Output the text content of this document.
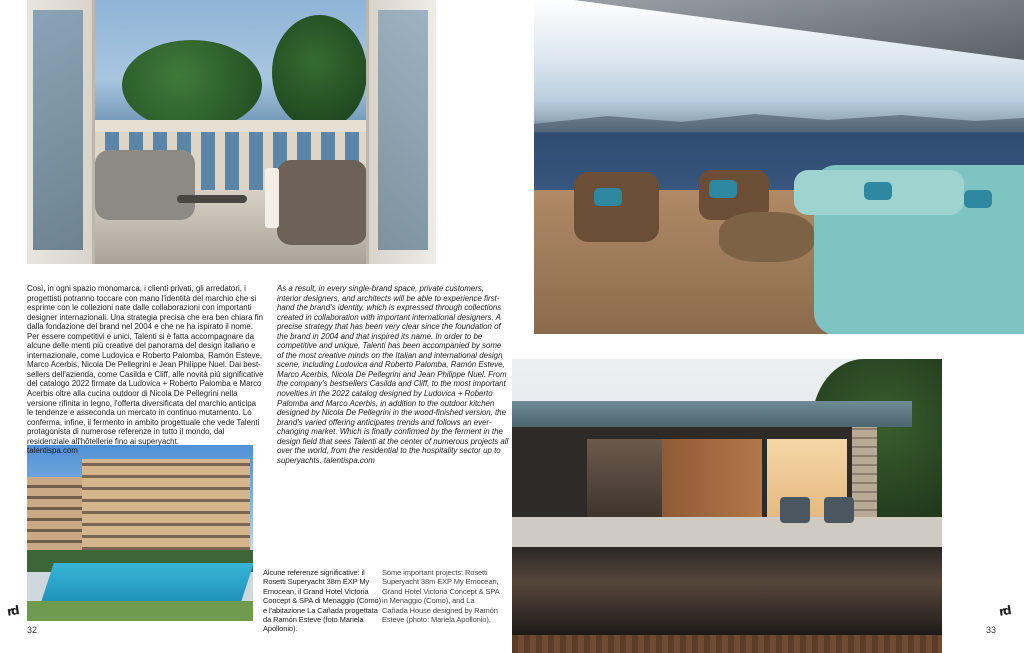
Così, in ogni spazio monomarca, i clienti privati, gli arredatori, i progettisti potranno toccare con mano l'identità del marchio che si esprime con le collezioni nate dalle collaborazioni con importanti designer internazionali. Una strategia precisa che era ben chiara fin dalla fondazione del brand nel 2004 e che ne ha ispirato il nome. Per essere competitivi e unici, Talenti si è fatta accompagnare da alcune delle menti più creative del panorama del design italiano e internazionale, come Ludovica e Roberto Palomba, Ramón Esteve, Marco Acerbis, Nicola De Pellegrini e Jean Philippe Nuel. Dai best-sellers dell'azienda, come Casilda e Cliff, alle novità più significative del catalogo 2022 firmate da Ludovica + Roberto Palomba e Marco Acerbis oltre alla cucina outdoor di Nicola De Pellegrini nella versione rifinita in legno, l'offerta diversificata del marchio anticipa le tendenze e asseconda un mercato in continuo mutamento. Lo conferma, infine, il fermento in ambito progettuale che vede Talenti protagonista di numerose referenze in tutto il mondo, dal residenziale all'hôtellerie fino ai superyacht.
talentispa.com
As a result, in every single-brand space, private customers, interior designers, and architects will be able to experience first-hand the brand's identity, which is expressed through collections created in collaboration with important international designers. A precise strategy that has been very clear since the foundation of the brand in 2004 and that inspired its name. In order to be competitive and unique, Talenti has been accompanied by some of the most creative minds on the Italian and international design scene, including Ludovica and Roberto Palomba, Ramón Esteve, Marco Acerbis, Nicola De Pellegrini and Jean Philippe Nuel. From the company's bestsellers Casilda and Cliff, to the most important novelties in the 2022 catalog designed by Ludovica + Roberto Palomba and Marco Acerbis, in addition to the outdoor kitchen designed by Nicola De Pellegrini in the wood-finished version, the brand's varied offering anticipates trends and follows an ever-changing market. Which is finally confirmed by the ferment in the design field that sees Talenti at the center of numerous projects all over the world, from the residential to the hospitality sector up to superyachts. talentispa.com
Alcune referenze significative: il Rosetti Superyacht 38m EXP My Emocean, il Grand Hotel Victoria Concept & SPA di Menaggio (Como) e l'abitazione La Cañada progettata da Ramón Esteve (foto Mariela Apollonio).
Some important projects: Rosetti Superyacht 38m EXP My Emocean, Grand Hotel Victoria Concept & SPA in Menaggio (Como), and La Cañada House designed by Ramón Esteve (photo: Mariela Apollonio).
rd	rd
32	33
